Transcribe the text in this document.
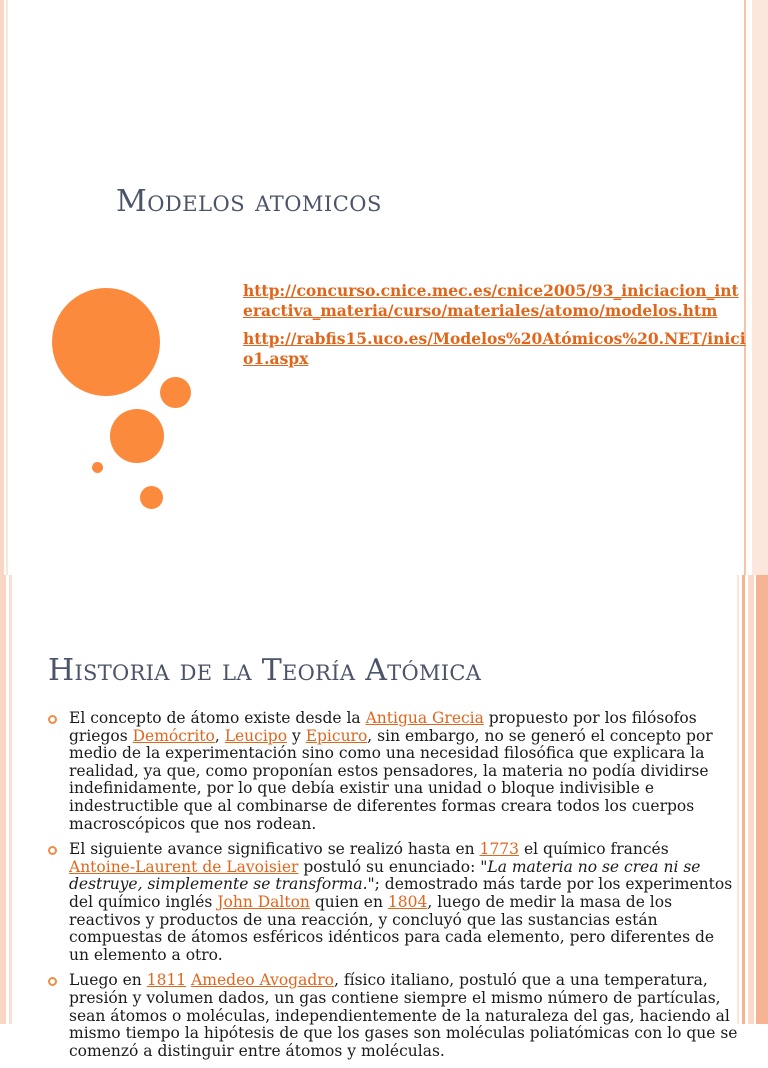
Modelos atomicos
http://concurso.cnice.mec.es/cnice2005/93_iniciacion_interactiva_materia/curso/materiales/atomo/modelos.htm
http://rabfis15.uco.es/Modelos%20Atómicos%20.NET/inicio1.aspx
Historia de la Teoría Atómica
El concepto de átomo existe desde la Antigua Grecia propuesto por los filósofos griegos Demócrito, Leucipo y Epicuro, sin embargo, no se generó el concepto por medio de la experimentación sino como una necesidad filosófica que explicara la realidad, ya que, como proponían estos pensadores, la materia no podía dividirse indefinidamente, por lo que debía existir una unidad o bloque indivisible e indestructible que al combinarse de diferentes formas creara todos los cuerpos macroscópicos que nos rodean.
El siguiente avance significativo se realizó hasta en 1773 el químico francés Antoine-Laurent de Lavoisier postuló su enunciado: "La materia no se crea ni se destruye, simplemente se transforma."; demostrado más tarde por los experimentos del químico inglés John Dalton quien en 1804, luego de medir la masa de los reactivos y productos de una reacción, y concluyó que las sustancias están compuestas de átomos esféricos idénticos para cada elemento, pero diferentes de un elemento a otro.
Luego en 1811 Amedeo Avogadro, físico italiano, postuló que a una temperatura, presión y volumen dados, un gas contiene siempre el mismo número de partículas, sean átomos o moléculas, independientemente de la naturaleza del gas, haciendo al mismo tiempo la hipótesis de que los gases son moléculas poliatómicas con lo que se comenzó a distinguir entre átomos y moléculas.
